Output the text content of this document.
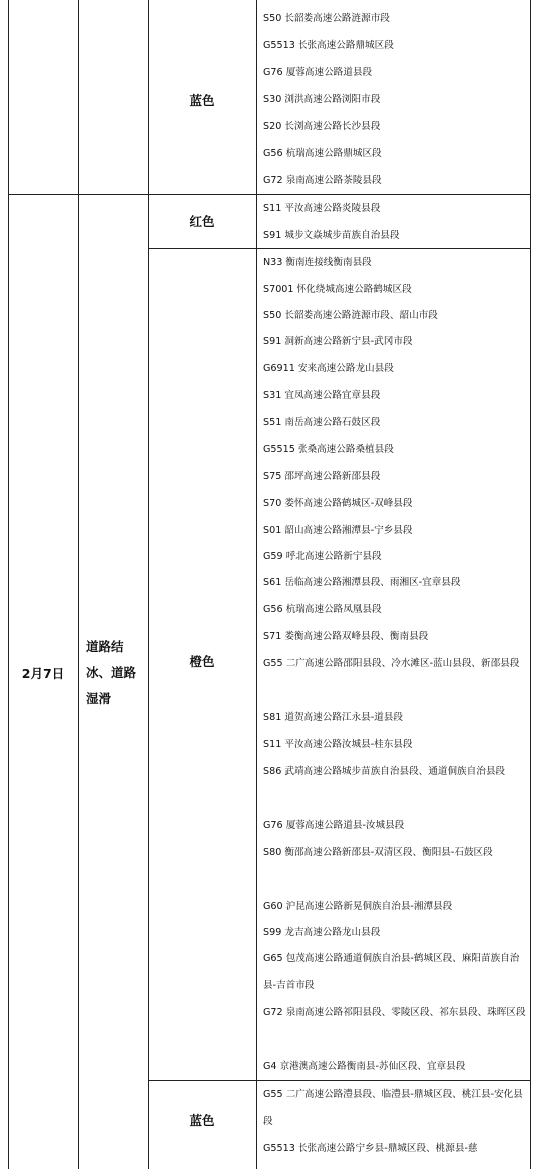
蓝色
S50 长韶娄高速公路涟源市段
G5513 长张高速公路鼎城区段
G76 厦蓉高速公路道县段
S30 浏洪高速公路浏阳市段
S20 长浏高速公路长沙县段
G56 杭瑞高速公路鼎城区段
G72 泉南高速公路茶陵县段
2月7日
道路结冰、道路湿滑
红色
S11 平汝高速公路炎陵县段
S91 城步文焱城步苗族自治县段
橙色
N33 衡南连接线衡南县段
S7001 怀化绕城高速公路鹤城区段
S50 长韶娄高速公路涟源市段、韶山市段
S91 洞新高速公路新宁县-武冈市段
G6911 安来高速公路龙山县段
S31 宜凤高速公路宜章县段
S51 南岳高速公路石鼓区段
G5515 张桑高速公路桑植县段
S75 邵坪高速公路新邵县段
S70 娄怀高速公路鹤城区-双峰县段
S01 韶山高速公路湘潭县-宁乡县段
G59 呼北高速公路新宁县段
S61 岳临高速公路湘潭县段、雨湘区-宜章县段
G56 杭瑞高速公路凤凰县段
S71 娄衡高速公路双峰县段、衡南县段
G55 二广高速公路邵阳县段、冷水滩区-蓝山县段、新邵县段
S81 道贺高速公路江永县-道县段
S11 平汝高速公路汝城县-桂东县段
S86 武靖高速公路城步苗族自治县段、通道侗族自治县段
G76 厦蓉高速公路道县-汝城县段
S80 衡邵高速公路新邵县-双清区段、衡阳县-石鼓区段
G60 沪昆高速公路新晃侗族自治县-湘潭县段
S99 龙吉高速公路龙山县段
G65 包茂高速公路通道侗族自治县-鹤城区段、麻阳苗族自治县-吉首市段
G72 泉南高速公路祁阳县段、零陵区段、祁东县段、珠晖区段
G4 京港澳高速公路衡南县-苏仙区段、宜章县段
蓝色
G55 二广高速公路澧县段、临澧县-鼎城区段、桃江县-安化县段
G5513 长张高速公路宁乡县-鼎城区段、桃源县-慈
